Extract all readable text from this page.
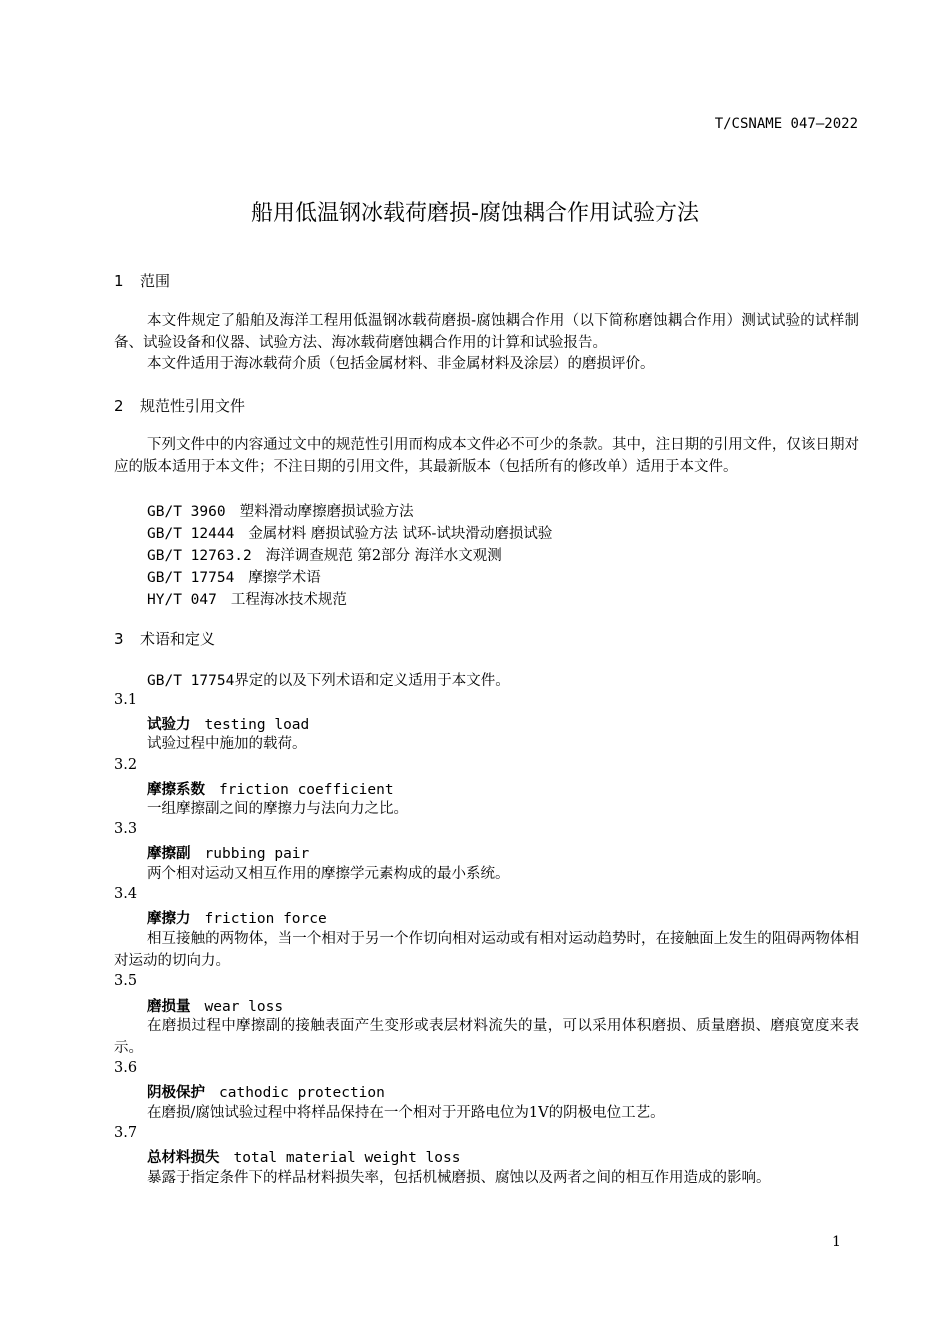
T/CSNAME 047—2022
船用低温钢冰载荷磨损-腐蚀耦合作用试验方法
1 范围
本文件规定了船舶及海洋工程用低温钢冰载荷磨损-腐蚀耦合作用（以下简称磨蚀耦合作用）测试试验的试样制备、试验设备和仪器、试验方法、海冰载荷磨蚀耦合作用的计算和试验报告。
本文件适用于海冰载荷介质（包括金属材料、非金属材料及涂层）的磨损评价。
2 规范性引用文件
下列文件中的内容通过文中的规范性引用而构成本文件必不可少的条款。其中，注日期的引用文件，仅该日期对应的版本适用于本文件；不注日期的引用文件，其最新版本（包括所有的修改单）适用于本文件。
GB/T 3960 塑料滑动摩擦磨损试验方法
GB/T 12444 金属材料 磨损试验方法 试环-试块滑动磨损试验
GB/T 12763.2 海洋调查规范 第2部分 海洋水文观测
GB/T 17754 摩擦学术语
HY/T 047 工程海冰技术规范
3 术语和定义
GB/T 17754界定的以及下列术语和定义适用于本文件。
3.1
试验力 testing load
试验过程中施加的载荷。
3.2
摩擦系数 friction coefficient
一组摩擦副之间的摩擦力与法向力之比。
3.3
摩擦副 rubbing pair
两个相对运动又相互作用的摩擦学元素构成的最小系统。
3.4
摩擦力 friction force
相互接触的两物体，当一个相对于另一个作切向相对运动或有相对运动趋势时，在接触面上发生的阻碍两物体相对运动的切向力。
3.5
磨损量 wear loss
在磨损过程中摩擦副的接触表面产生变形或表层材料流失的量，可以采用体积磨损、质量磨损、磨痕宽度来表示。
3.6
阴极保护 cathodic protection
在磨损/腐蚀试验过程中将样品保持在一个相对于开路电位为1V的阴极电位工艺。
3.7
总材料损失 total material weight loss
暴露于指定条件下的样品材料损失率，包括机械磨损、腐蚀以及两者之间的相互作用造成的影响。
1
